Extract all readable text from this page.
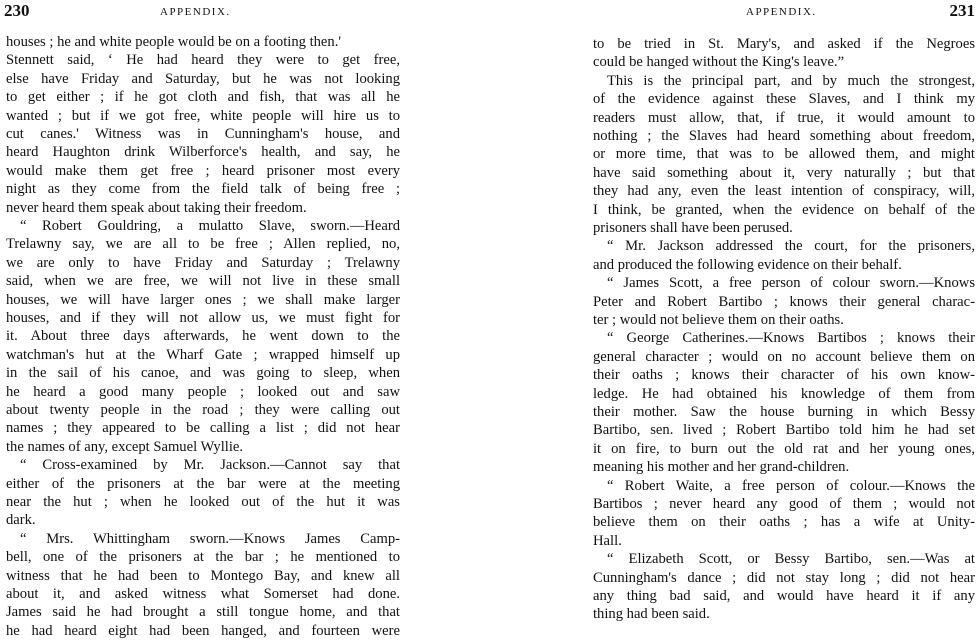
230	APPENDIX.
houses ; he and white people would be on a footing then.'
Stennett said, ‘ He had heard they were to get free,
else have Friday and Saturday, but he was not looking
to get either ; if he got cloth and fish, that was all he
wanted ; but if we got free, white people will hire us to
cut canes.' Witness was in Cunningham's house, and
heard Haughton drink Wilberforce's health, and say, he
would make them get free ; heard prisoner most every
night as they come from the field talk of being free ;
never heard them speak about taking their freedom.
“ Robert Gouldring, a mulatto Slave, sworn.—Heard
Trelawny say, we are all to be free ; Allen replied, no,
we are only to have Friday and Saturday ; Trelawny
said, when we are free, we will not live in these small
houses, we will have larger ones ; we shall make larger
houses, and if they will not allow us, we must fight for
it. About three days afterwards, he went down to the
watchman's hut at the Wharf Gate ; wrapped himself up
in the sail of his canoe, and was going to sleep, when
he heard a good many people ; looked out and saw
about twenty people in the road ; they were calling out
names ; they appeared to be calling a list ; did not hear
the names of any, except Samuel Wyllie.
“ Cross-examined by Mr. Jackson.—Cannot say that
either of the prisoners at the bar were at the meeting
near the hut ; when he looked out of the hut it was
dark.
“ Mrs. Whittingham sworn.—Knows James Camp-
bell, one of the prisoners at the bar ; he mentioned to
witness that he had been to Montego Bay, and knew all
about it, and asked witness what Somerset had done.
James said he had brought a still tongue home, and that
he had heard eight had been hanged, and fourteen were
APPENDIX.	231
to be tried in St. Mary's, and asked if the Negroes
could be hanged without the King's leave.”
This is the principal part, and by much the strongest,
of the evidence against these Slaves, and I think my
readers must allow, that, if true, it would amount to
nothing ; the Slaves had heard something about freedom,
or more time, that was to be allowed them, and might
have said something about it, very naturally ; but that
they had any, even the least intention of conspiracy, will,
I think, be granted, when the evidence on behalf of the
prisoners shall have been perused.
“ Mr. Jackson addressed the court, for the prisoners,
and produced the following evidence on their behalf.
“ James Scott, a free person of colour sworn.—Knows
Peter and Robert Bartibo ; knows their general charac-
ter ; would not believe them on their oaths.
“ George Catherines.—Knows Bartibos ; knows their
general character ; would on no account believe them on
their oaths ; knows their character of his own know-
ledge. He had obtained his knowledge of them from
their mother. Saw the house burning in which Bessy
Bartibo, sen. lived ; Robert Bartibo told him he had set
it on fire, to burn out the old rat and her young ones,
meaning his mother and her grand-children.
“ Robert Waite, a free person of colour.—Knows the
Bartibos ; never heard any good of them ; would not
believe them on their oaths ; has a wife at Unity-
Hall.
“ Elizabeth Scott, or Bessy Bartibo, sen.—Was at
Cunningham's dance ; did not stay long ; did not hear
any thing bad said, and would have heard it if any
thing had been said.
